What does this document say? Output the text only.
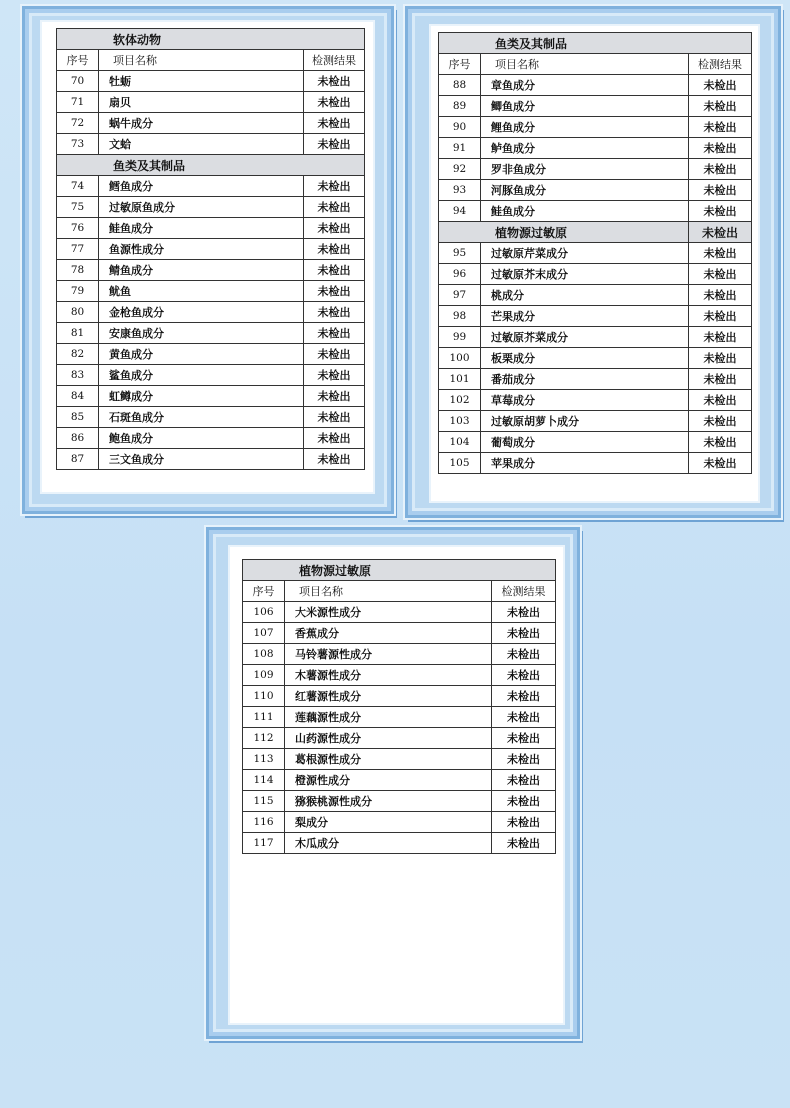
软体动物		
序号	项目名称	检测结果
70	牡蛎	未检出
71	扇贝	未检出
72	蜗牛成分	未检出
73	文蛤	未检出
鱼类及其制品		
74	鳕鱼成分	未检出
75	过敏原鱼成分	未检出
76	鲑鱼成分	未检出
77	鱼源性成分	未检出
78	鲭鱼成分	未检出
79	鱿鱼	未检出
80	金枪鱼成分	未检出
81	安康鱼成分	未检出
82	黄鱼成分	未检出
83	鲨鱼成分	未检出
84	虹鳟成分	未检出
85	石斑鱼成分	未检出
86	鲍鱼成分	未检出
87	三文鱼成分	未检出
鱼类及其制品		
序号	项目名称	检测结果
88	章鱼成分	未检出
89	鲫鱼成分	未检出
90	鲤鱼成分	未检出
91	鲈鱼成分	未检出
92	罗非鱼成分	未检出
93	河豚鱼成分	未检出
94	鲑鱼成分	未检出
植物源过敏原		未检出
95	过敏原芹菜成分	未检出
96	过敏原芥末成分	未检出
97	桃成分	未检出
98	芒果成分	未检出
99	过敏原芥菜成分	未检出
100	板栗成分	未检出
101	番茄成分	未检出
102	草莓成分	未检出
103	过敏原胡萝卜成分	未检出
104	葡萄成分	未检出
105	苹果成分	未检出
植物源过敏原		
序号	项目名称	检测结果
106	大米源性成分	未检出
107	香蕉成分	未检出
108	马铃薯源性成分	未检出
109	木薯源性成分	未检出
110	红薯源性成分	未检出
111	莲藕源性成分	未检出
112	山药源性成分	未检出
113	葛根源性成分	未检出
114	橙源性成分	未检出
115	猕猴桃源性成分	未检出
116	梨成分	未检出
117	木瓜成分	未检出
